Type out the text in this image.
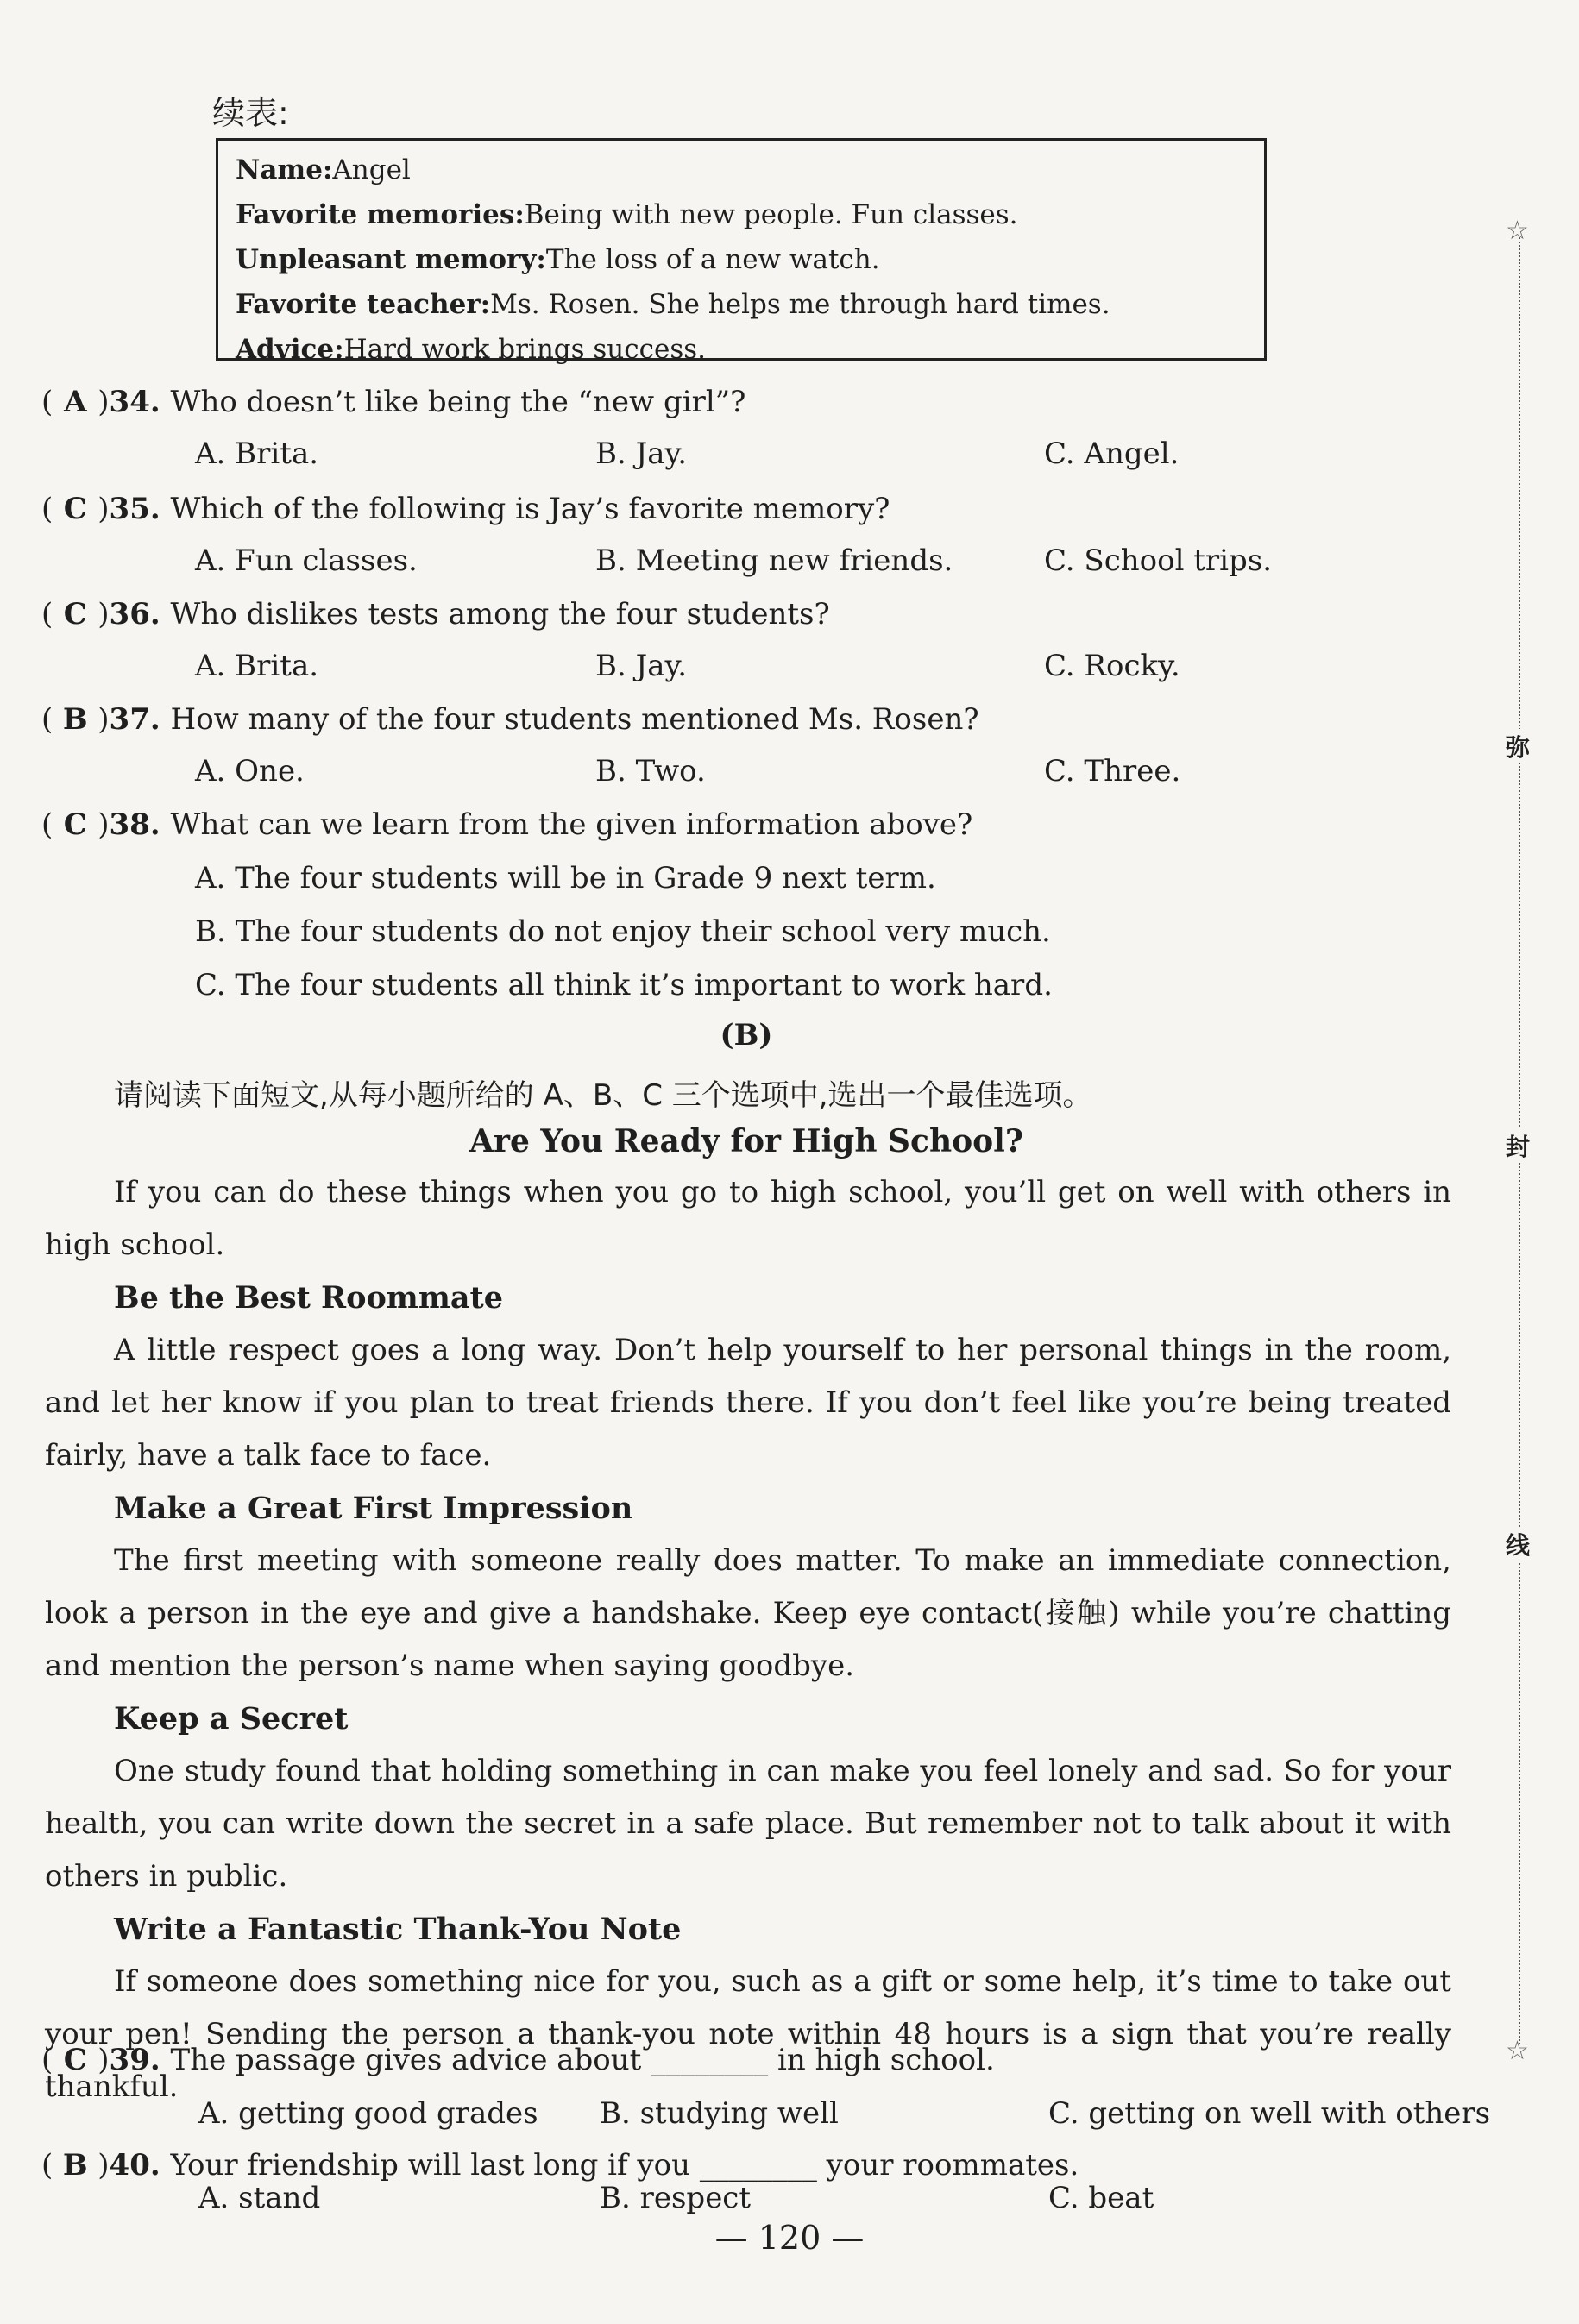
续表:
Name:Angel
Favorite memories:Being with new people. Fun classes.
Unpleasant memory:The loss of a new watch.
Favorite teacher:Ms. Rosen. She helps me through hard times.
Advice:Hard work brings success.
( A )34. Who doesn’t like being the “new girl”?
A. Brita.	B. Jay.	C. Angel.
( C )35. Which of the following is Jay’s favorite memory?
A. Fun classes.	B. Meeting new friends.	C. School trips.
( C )36. Who dislikes tests among the four students?
A. Brita.	B. Jay.	C. Rocky.
( B )37. How many of the four students mentioned Ms. Rosen?
A. One.	B. Two.	C. Three.
( C )38. What can we learn from the given information above?
A. The four students will be in Grade 9 next term.
B. The four students do not enjoy their school very much.
C. The four students all think it’s important to work hard.
(B)
请阅读下面短文,从每小题所给的 A、B、C 三个选项中,选出一个最佳选项。
Are You Ready for High School?

If you can do these things when you go to high school, you’ll get on well with others in high school.

Be the Best Roommate

A little respect goes a long way. Don’t help yourself to her personal things in the room, and let her know if you plan to treat friends there. If you don’t feel like you’re being treated fairly, have a talk face to face.

Make a Great First Impression

The first meeting with someone really does matter. To make an immediate connection, look a person in the eye and give a handshake. Keep eye contact(接触) while you’re chatting and mention the person’s name when saying goodbye.

Keep a Secret

One study found that holding something in can make you feel lonely and sad. So for your health, you can write down the secret in a safe place. But remember not to talk about it with others in public.

Write a Fantastic Thank-You Note

If someone does something nice for you, such as a gift or some help, it’s time to take out your pen! Sending the person a thank-you note within 48 hours is a sign that you’re really thankful.

( C )39. The passage gives advice about ________ in high school.
A. getting good grades B. studying well	C. getting on well with others
( B )40. Your friendship will last long if you ________ your roommates.
A. stand	B. respect	C. beat
☆
☆
弥
封
线
— 120 —
